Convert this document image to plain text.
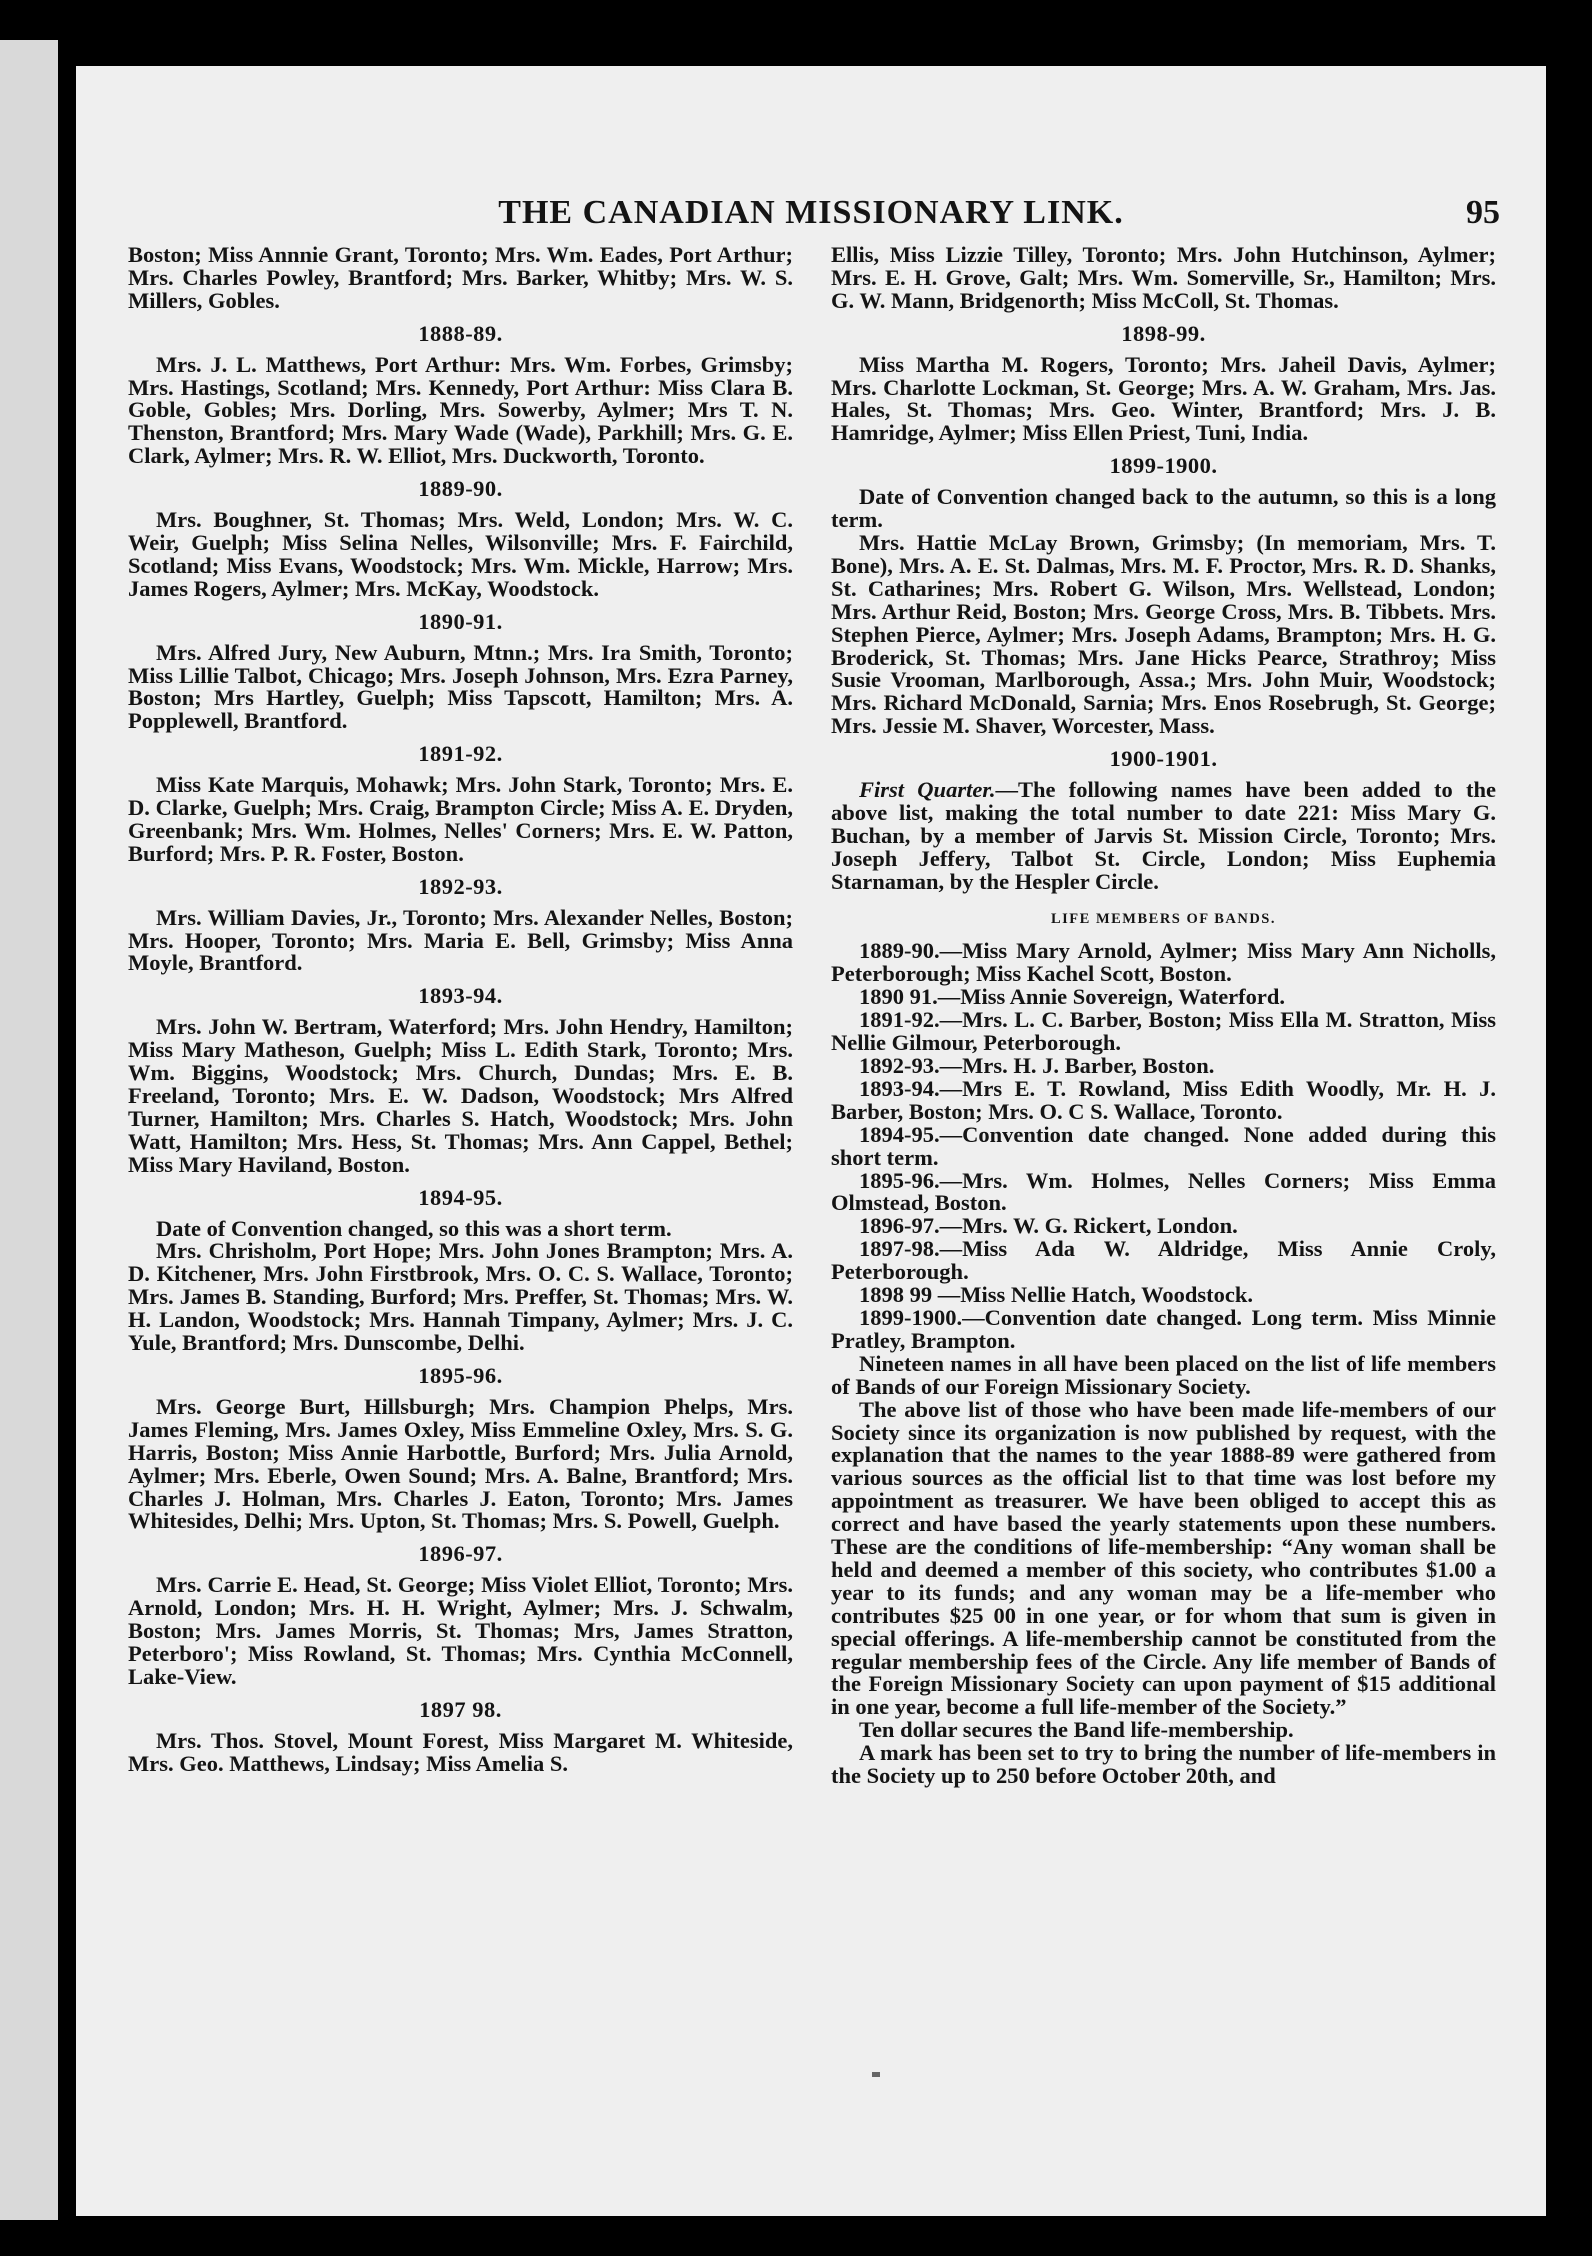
THE CANADIAN MISSIONARY LINK.	95

Boston; Miss Annnie Grant, Toronto; Mrs. Wm. Eades, Port Arthur; Mrs. Charles Powley, Brantford; Mrs. Barker, Whitby; Mrs. W. S. Millers, Gobles.

1888-89.

Mrs. J. L. Matthews, Port Arthur: Mrs. Wm. Forbes, Grimsby; Mrs. Hastings, Scotland; Mrs. Kennedy, Port Arthur: Miss Clara B. Goble, Gobles; Mrs. Dorling, Mrs. Sowerby, Aylmer; Mrs T. N. Thenston, Brantford; Mrs. Mary Wade (Wade), Parkhill; Mrs. G. E. Clark, Aylmer; Mrs. R. W. Elliot, Mrs. Duckworth, Toronto.

1889-90.

Mrs. Boughner, St. Thomas; Mrs. Weld, London; Mrs. W. C. Weir, Guelph; Miss Selina Nelles, Wilsonville; Mrs. F. Fairchild, Scotland; Miss Evans, Woodstock; Mrs. Wm. Mickle, Harrow; Mrs. James Rogers, Aylmer; Mrs. McKay, Woodstock.

1890-91.

Mrs. Alfred Jury, New Auburn, Mtnn.; Mrs. Ira Smith, Toronto; Miss Lillie Talbot, Chicago; Mrs. Joseph Johnson, Mrs. Ezra Parney, Boston; Mrs Hartley, Guelph; Miss Tapscott, Hamilton; Mrs. A. Popplewell, Brantford.

1891-92.

Miss Kate Marquis, Mohawk; Mrs. John Stark, Toronto; Mrs. E. D. Clarke, Guelph; Mrs. Craig, Brampton Circle; Miss A. E. Dryden, Greenbank; Mrs. Wm. Holmes, Nelles' Corners; Mrs. E. W. Patton, Burford; Mrs. P. R. Foster, Boston.

1892-93.

Mrs. William Davies, Jr., Toronto; Mrs. Alexander Nelles, Boston; Mrs. Hooper, Toronto; Mrs. Maria E. Bell, Grimsby; Miss Anna Moyle, Brantford.

1893-94.

Mrs. John W. Bertram, Waterford; Mrs. John Hendry, Hamilton; Miss Mary Matheson, Guelph; Miss L. Edith Stark, Toronto; Mrs. Wm. Biggins, Woodstock; Mrs. Church, Dundas; Mrs. E. B. Freeland, Toronto; Mrs. E. W. Dadson, Woodstock; Mrs Alfred Turner, Hamilton; Mrs. Charles S. Hatch, Woodstock; Mrs. John Watt, Hamilton; Mrs. Hess, St. Thomas; Mrs. Ann Cappel, Bethel; Miss Mary Haviland, Boston.

1894-95.

Date of Convention changed, so this was a short term.

Mrs. Chrisholm, Port Hope; Mrs. John Jones Brampton; Mrs. A. D. Kitchener, Mrs. John Firstbrook, Mrs. O. C. S. Wallace, Toronto; Mrs. James B. Standing, Burford; Mrs. Preffer, St. Thomas; Mrs. W. H. Landon, Woodstock; Mrs. Hannah Timpany, Aylmer; Mrs. J. C. Yule, Brantford; Mrs. Dunscombe, Delhi.

1895-96.

Mrs. George Burt, Hillsburgh; Mrs. Champion Phelps, Mrs. James Fleming, Mrs. James Oxley, Miss Emmeline Oxley, Mrs. S. G. Harris, Boston; Miss Annie Harbottle, Burford; Mrs. Julia Arnold, Aylmer; Mrs. Eberle, Owen Sound; Mrs. A. Balne, Brantford; Mrs. Charles J. Holman, Mrs. Charles J. Eaton, Toronto; Mrs. James Whitesides, Delhi; Mrs. Upton, St. Thomas; Mrs. S. Powell, Guelph.

1896-97.

Mrs. Carrie E. Head, St. George; Miss Violet Elliot, Toronto; Mrs. Arnold, London; Mrs. H. H. Wright, Aylmer; Mrs. J. Schwalm, Boston; Mrs. James Morris, St. Thomas; Mrs, James Stratton, Peterboro'; Miss Rowland, St. Thomas; Mrs. Cynthia McConnell, Lake-View.

1897 98.

Mrs. Thos. Stovel, Mount Forest, Miss Margaret M. Whiteside, Mrs. Geo. Matthews, Lindsay; Miss Amelia S.

Ellis, Miss Lizzie Tilley, Toronto; Mrs. John Hutchinson, Aylmer; Mrs. E. H. Grove, Galt; Mrs. Wm. Somerville, Sr., Hamilton; Mrs. G. W. Mann, Bridgenorth; Miss McColl, St. Thomas.

1898-99.

Miss Martha M. Rogers, Toronto; Mrs. Jaheil Davis, Aylmer; Mrs. Charlotte Lockman, St. George; Mrs. A. W. Graham, Mrs. Jas. Hales, St. Thomas; Mrs. Geo. Winter, Brantford; Mrs. J. B. Hamridge, Aylmer; Miss Ellen Priest, Tuni, India.

1899-1900.

Date of Convention changed back to the autumn, so this is a long term.

Mrs. Hattie McLay Brown, Grimsby; (In memoriam, Mrs. T. Bone), Mrs. A. E. St. Dalmas, Mrs. M. F. Proctor, Mrs. R. D. Shanks, St. Catharines; Mrs. Robert G. Wilson, Mrs. Wellstead, London; Mrs. Arthur Reid, Boston; Mrs. George Cross, Mrs. B. Tibbets. Mrs. Stephen Pierce, Aylmer; Mrs. Joseph Adams, Brampton; Mrs. H. G. Broderick, St. Thomas; Mrs. Jane Hicks Pearce, Strathroy; Miss Susie Vrooman, Marlborough, Assa.; Mrs. John Muir, Woodstock; Mrs. Richard McDonald, Sarnia; Mrs. Enos Rosebrugh, St. George; Mrs. Jessie M. Shaver, Worcester, Mass.

1900-1901.

First Quarter.—The following names have been added to the above list, making the total number to date 221: Miss Mary G. Buchan, by a member of Jarvis St. Mission Circle, Toronto; Mrs. Joseph Jeffery, Talbot St. Circle, London; Miss Euphemia Starnaman, by the Hespler Circle.

LIFE MEMBERS OF BANDS.

1889-90.—Miss Mary Arnold, Aylmer; Miss Mary Ann Nicholls, Peterborough; Miss Kachel Scott, Boston.

1890 91.—Miss Annie Sovereign, Waterford.

1891-92.—Mrs. L. C. Barber, Boston; Miss Ella M. Stratton, Miss Nellie Gilmour, Peterborough.

1892-93.—Mrs. H. J. Barber, Boston.

1893-94.—Mrs E. T. Rowland, Miss Edith Woodly, Mr. H. J. Barber, Boston; Mrs. O. C S. Wallace, Toronto.

1894-95.—Convention date changed. None added during this short term.

1895-96.—Mrs. Wm. Holmes, Nelles Corners; Miss Emma Olmstead, Boston.

1896-97.—Mrs. W. G. Rickert, London.

1897-98.—Miss Ada W. Aldridge, Miss Annie Croly, Peterborough.

1898 99 —Miss Nellie Hatch, Woodstock.

1899-1900.—Convention date changed. Long term. Miss Minnie Pratley, Brampton.

Nineteen names in all have been placed on the list of life members of Bands of our Foreign Missionary Society.

The above list of those who have been made life-members of our Society since its organization is now published by request, with the explanation that the names to the year 1888-89 were gathered from various sources as the official list to that time was lost before my appointment as treasurer. We have been obliged to accept this as correct and have based the yearly statements upon these numbers. These are the conditions of life-membership: “Any woman shall be held and deemed a member of this society, who contributes $1.00 a year to its funds; and any woman may be a life-member who contributes $25 00 in one year, or for whom that sum is given in special offerings. A life-membership cannot be constituted from the regular membership fees of the Circle. Any life member of Bands of the Foreign Missionary Society can upon payment of $15 additional in one year, become a full life-member of the Society.”

Ten dollar secures the Band life-membership.

A mark has been set to try to bring the number of life-members in the Society up to 250 before October 20th, and
